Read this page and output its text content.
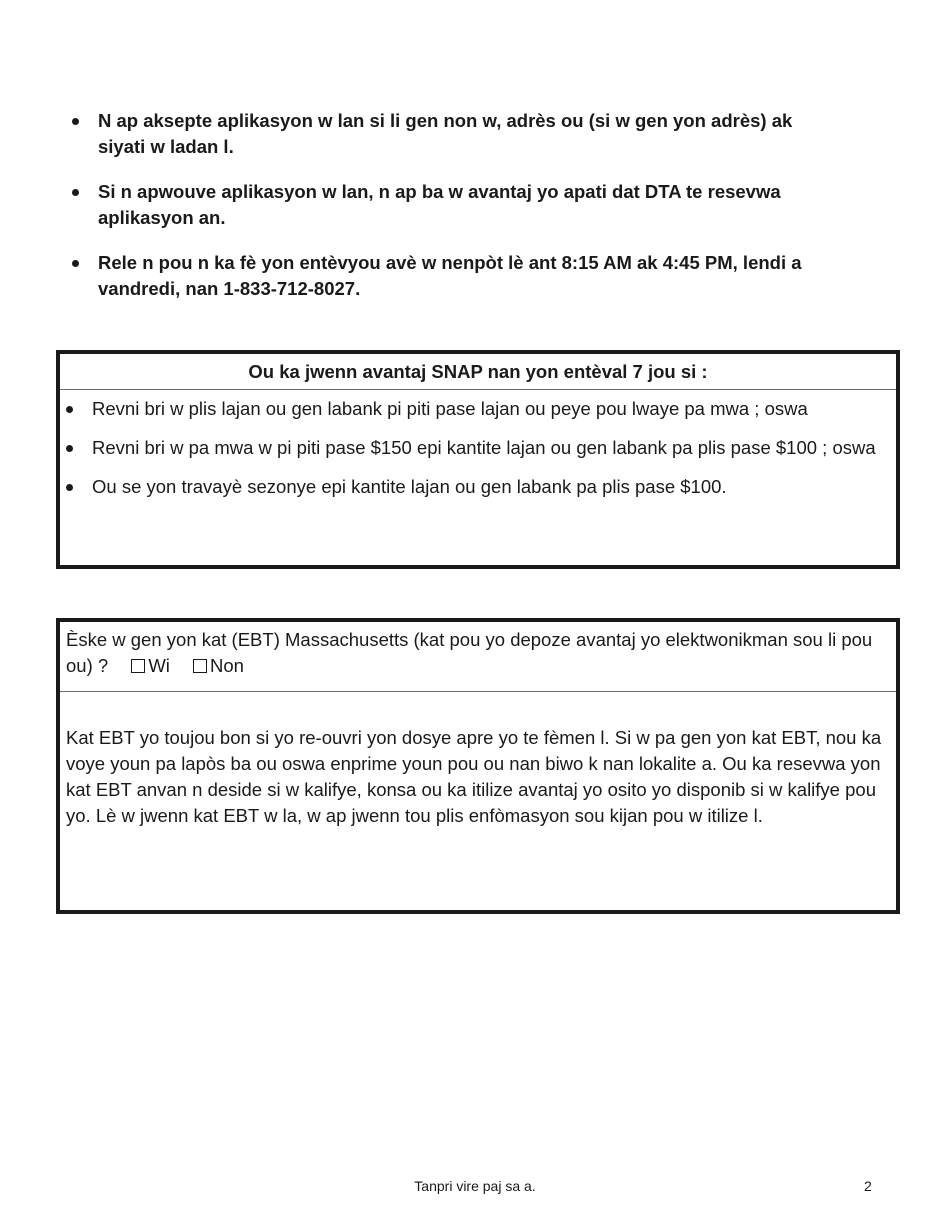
N ap aksepte aplikasyon w lan si li gen non w, adrès ou (si w gen yon adrès) ak siyati w ladan l.
Si n apwouve aplikasyon w lan, n ap ba w avantaj yo apati dat DTA te resevwa aplikasyon an.
Rele n pou n ka fè yon entèvyou avè w nenpòt lè ant 8:15 AM ak 4:45 PM, lendi a vandredi, nan 1-833-712-8027.
Ou ka jwenn avantaj SNAP nan yon entèval 7 jou si :
Revni bri w plis lajan ou gen labank pi piti pase lajan ou peye pou lwaye pa mwa ; oswa
Revni bri w pa mwa w pi piti pase $150 epi kantite lajan ou gen labank pa plis pase $100 ; oswa
Ou se yon travayè sezonye epi kantite lajan ou gen labank pa plis pase $100.
Èske w gen yon kat (EBT) Massachusetts (kat pou yo depoze avantaj yo elektwonikman sou li pou ou) ? Wi Non
Kat EBT yo toujou bon si yo re-ouvri yon dosye apre yo te fèmen l. Si w pa gen yon kat EBT, nou ka voye youn pa lapòs ba ou oswa enprime youn pou ou nan biwo k nan lokalite a. Ou ka resevwa yon kat EBT anvan n deside si w kalifye, konsa ou ka itilize avantaj yo osito yo disponib si w kalifye pou yo. Lè w jwenn kat EBT w la, w ap jwenn tou plis enfòmasyon sou kijan pou w itilize l.
Tanpri vire paj sa a.	2
